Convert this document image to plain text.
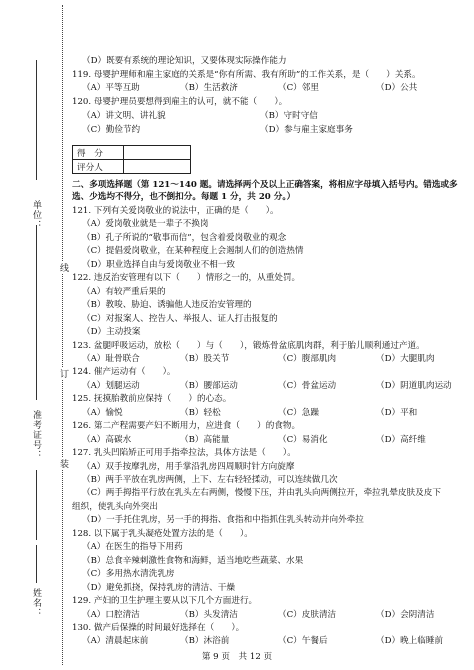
单位：
准考证号：
姓名：
线
订
装
（D）既要有系统的理论知识，又要体现实际操作能力
119. 母婴护理师和雇主家庭的关系是“你有所需、我有所助”的工作关系，是（　　）关系。
（A）平等互助	（B）生活救济	（C）邻里	（D）公共
120. 母婴护理员要想得到雇主的认可，就不能（　　）。
（A）讲文明、讲礼貌	（B）守时守信
（C）勤俭节约	（D）参与雇主家庭事务
得　分	
评分人	
二、多项选择题（第 121～140 题。请选择两个及以上正确答案，将相应字母填入括号内。错选或多选、少选均不得分，也不倒扣分。每题 1 分，共 20 分。）
121. 下列有关爱岗敬业的说法中，正确的是（　　）。
（A）爱岗敬业就是一辈子不换岗
（B）孔子所说的“敬事而信”，包含着爱岗敬业的观念
（C）提倡爱岗敬业，在某种程度上会遏制人们的创造热情
（D）职业选择自由与爱岗敬业不相一致
122. 违反治安管理有以下（　　）情形之一的，从重处罚。
（A）有较严重后果的
（B）教唆、胁迫、诱骗他人违反治安管理的
（C）对报案人、控告人、举报人、证人打击报复的
（D）主动投案
123. 盆腿呼吸运动，放松（　　）与（　　），锻炼骨盆底肌肉群，利于胎儿顺利通过产道。
（A）耻骨联合	（B）股关节	（C）腹部肌肉	（D）大腿肌肉
124. 催产运动有（　　）。
（A）划腿运动	（B）腰部运动	（C）骨盆运动	（D）阴道肌肉运动
125. 抚摸胎教前应保持（　　）的心态。
（A）愉悦	（B）轻松	（C）急躁	（D）平和
126. 第二产程需要产妇不断用力，应进食（　　）的食物。
（A）高碳水	（B）高能量	（C）易消化	（D）高纤维
127. 乳头凹陷矫正可用手指牵拉法，具体方法是（　　）。
（A）双手按摩乳房，用手掌沿乳房四周顺时针方向旋摩
（B）两手平放在乳房两侧，上下、左右轻轻揉动，可以连续做几次
（C）两手拇指平行放在乳头左右两侧，慢慢下压，并由乳头向两侧拉开，牵拉乳晕皮肤及皮下
组织，使乳头向外突出
（D）一手托住乳房，另一手的拇指、食指和中指抓住乳头转动并向外牵拉
128. 以下属于乳头凝疮处置方法的是（　　）。
（A）在医生的指导下用药
（B）总食辛辣刺激性食物和海鲜，适当地吃些蔬菜、水果
（C）多用热水清洗乳房
（D）避免抓挠，保持乳房的清洁、干燥
129. 产妇的卫生护理主要从以下几个方面进行。
（A）口腔清洁	（B）头发清洁	（C）皮肤清洁	（D）会阴清洁
130. 做产后保操的时间最好选择在（　　）。
（A）清晨起床前	（B）沐浴前	（C）午餐后	（D）晚上临睡前
第 9 页　共 12 页
